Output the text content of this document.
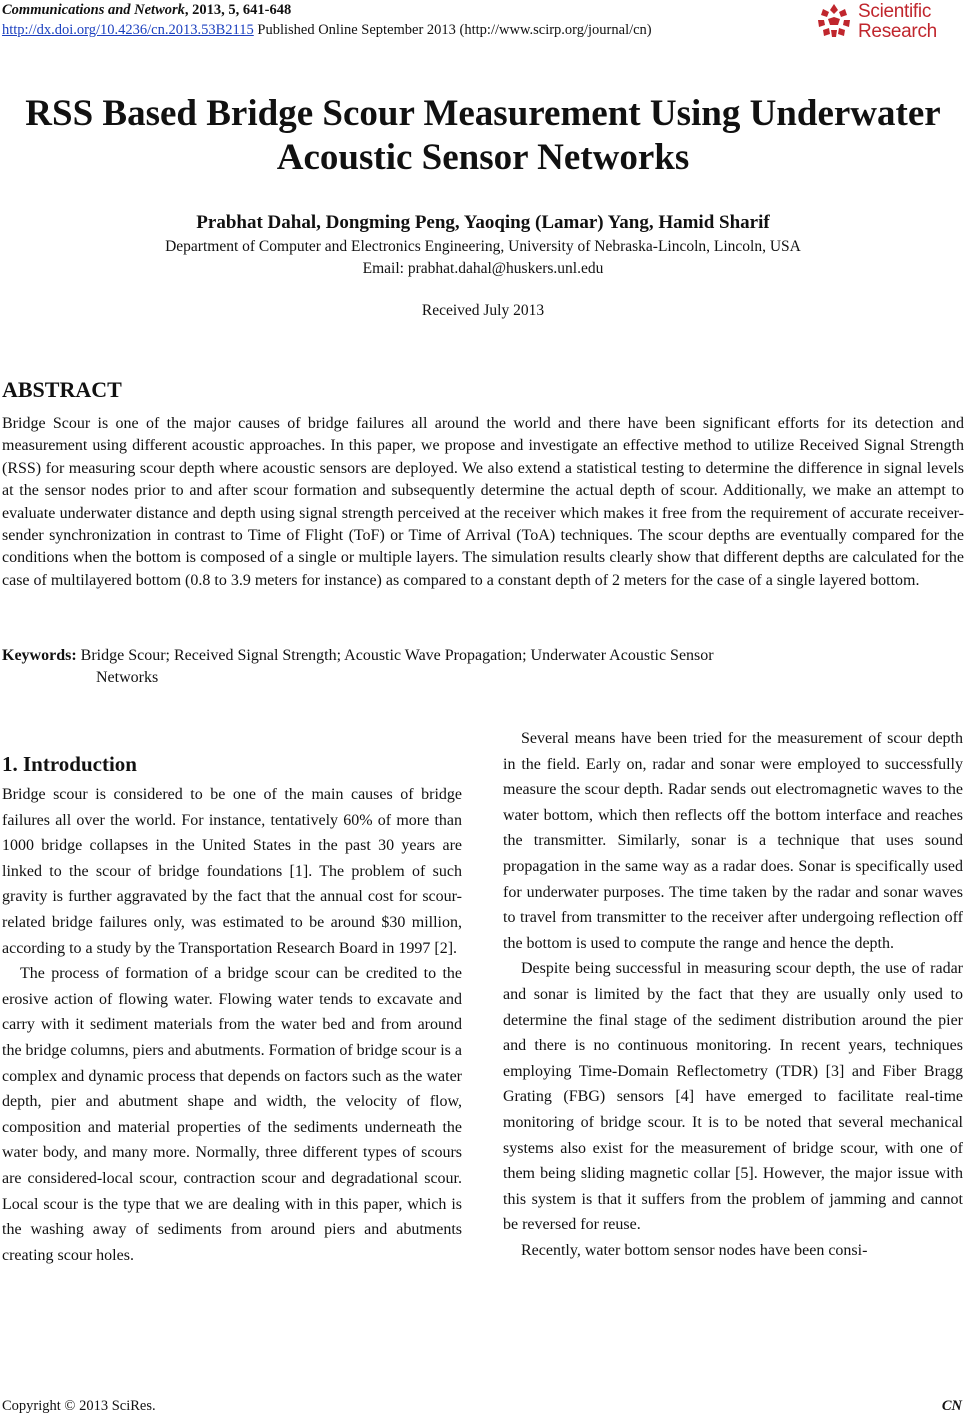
Communications and Network, 2013, 5, 641-648
http://dx.doi.org/10.4236/cn.2013.53B2115 Published Online September 2013 (http://www.scirp.org/journal/cn)
Scientific
Research
RSS Based Bridge Scour Measurement Using Underwater
Acoustic Sensor Networks
Prabhat Dahal, Dongming Peng, Yaoqing (Lamar) Yang, Hamid Sharif
Department of Computer and Electronics Engineering, University of Nebraska-Lincoln, Lincoln, USA
Email: prabhat.dahal@huskers.unl.edu
Received July 2013
ABSTRACT

Bridge Scour is one of the major causes of bridge failures all around the world and there have been significant efforts for its detection and measurement using different acoustic approaches. In this paper, we propose and investigate an effective method to utilize Received Signal Strength (RSS) for measuring scour depth where acoustic sensors are deployed. We also extend a statistical testing to determine the difference in signal levels at the sensor nodes prior to and after scour formation and subsequently determine the actual depth of scour. Additionally, we make an attempt to evaluate underwater distance and depth using signal strength perceived at the receiver which makes it free from the requirement of accurate receiver-sender synchronization in contrast to Time of Flight (ToF) or Time of Arrival (ToA) techniques. The scour depths are eventually compared for the conditions when the bottom is composed of a single or multiple layers. The simulation results clearly show that different depths are calculated for the case of multilayered bottom (0.8 to 3.9 meters for instance) as compared to a constant depth of 2 meters for the case of a single layered bottom.

Keywords: Bridge Scour; Received Signal Strength; Acoustic Wave Propagation; Underwater Acoustic Sensor
Networks
1. Introduction

Bridge scour is considered to be one of the main causes of bridge failures all over the world. For instance, tentatively 60% of more than 1000 bridge collapses in the United States in the past 30 years are linked to the scour of bridge foundations [1]. The problem of such gravity is further aggravated by the fact that the annual cost for scour-related bridge failures only, was estimated to be around $30 million, according to a study by the Transportation Research Board in 1997 [2].

The process of formation of a bridge scour can be credited to the erosive action of flowing water. Flowing water tends to excavate and carry with it sediment materials from the water bed and from around the bridge columns, piers and abutments. Formation of bridge scour is a complex and dynamic process that depends on factors such as the water depth, pier and abutment shape and width, the velocity of flow, composition and material properties of the sediments underneath the water body, and many more. Normally, three different types of scours are considered-local scour, contraction scour and degradational scour. Local scour is the type that we are dealing with in this paper, which is the washing away of sediments from around piers and abutments creating scour holes.

Several means have been tried for the measurement of scour depth in the field. Early on, radar and sonar were employed to successfully measure the scour depth. Radar sends out electromagnetic waves to the water bottom, which then reflects off the bottom interface and reaches the transmitter. Similarly, sonar is a technique that uses sound propagation in the same way as a radar does. Sonar is specifically used for underwater purposes. The time taken by the radar and sonar waves to travel from transmitter to the receiver after undergoing reflection off the bottom is used to compute the range and hence the depth.

Despite being successful in measuring scour depth, the use of radar and sonar is limited by the fact that they are usually only used to determine the final stage of the sediment distribution around the pier and there is no continuous monitoring. In recent years, techniques employing Time-Domain Reflectometry (TDR) [3] and Fiber Bragg Grating (FBG) sensors [4] have emerged to facilitate real-time monitoring of bridge scour. It is to be noted that several mechanical systems also exist for the measurement of bridge scour, with one of them being sliding magnetic collar [5]. However, the major issue with this system is that it suffers from the problem of jamming and cannot be reversed for reuse.

Recently, water bottom sensor nodes have been consi-

Copyright © 2013 SciRes.	CN
